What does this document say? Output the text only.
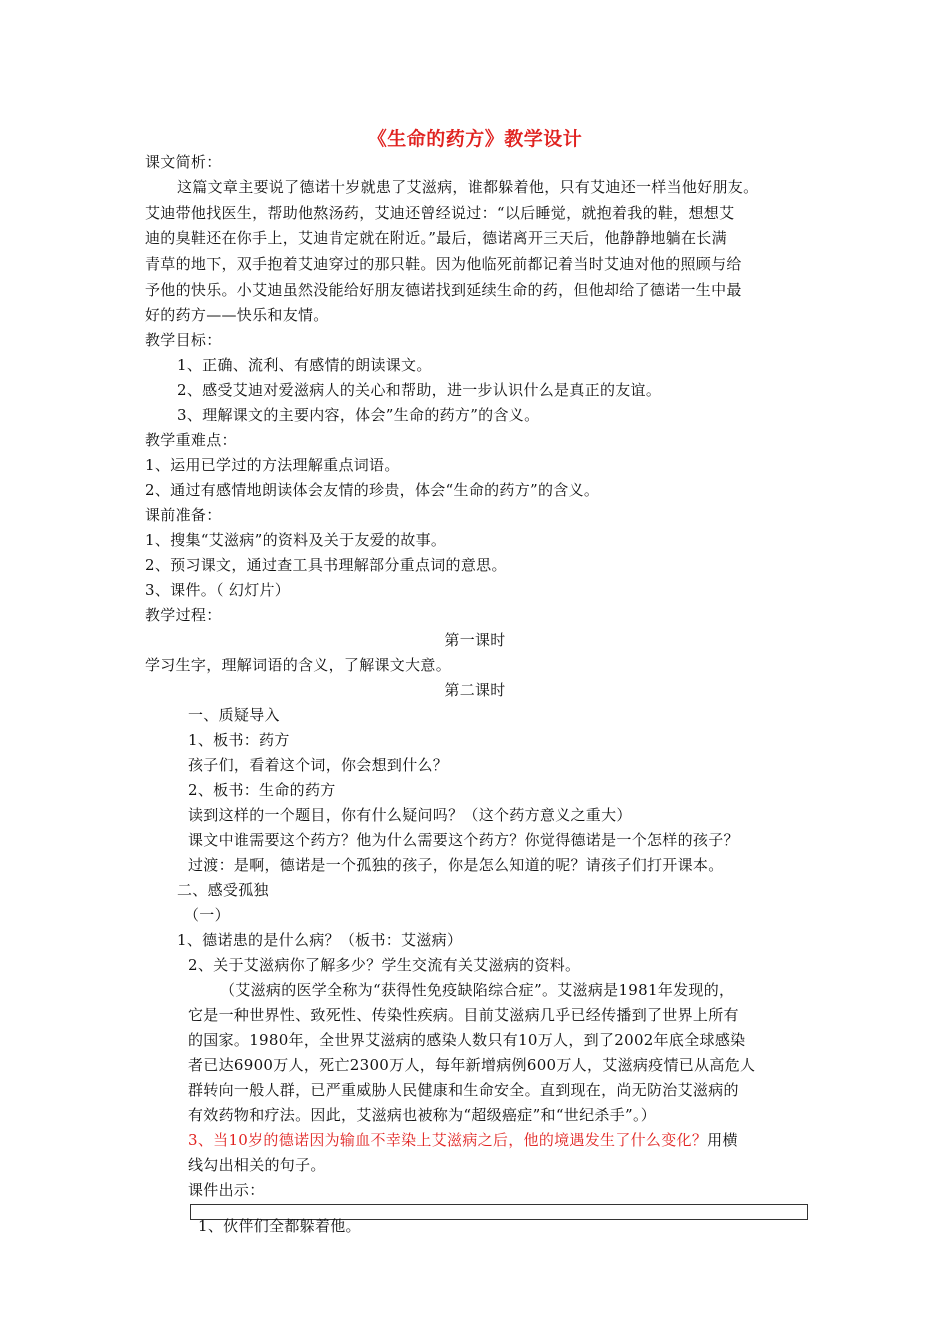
《生命的药方》教学设计
课文简析：
这篇文章主要说了德诺十岁就患了艾滋病，谁都躲着他，只有艾迪还一样当他好朋友。
艾迪带他找医生，帮助他熬汤药，艾迪还曾经说过：“以后睡觉，就抱着我的鞋，想想艾
迪的臭鞋还在你手上，艾迪肯定就在附近。”最后，德诺离开三天后，他静静地躺在长满
青草的地下，双手抱着艾迪穿过的那只鞋。因为他临死前都记着当时艾迪对他的照顾与给
予他的快乐。小艾迪虽然没能给好朋友德诺找到延续生命的药，但他却给了德诺一生中最
好的药方——快乐和友情。
教学目标：
1、正确、流利、有感情的朗读课文。
2、感受艾迪对爱滋病人的关心和帮助，进一步认识什么是真正的友谊。
3、理解课文的主要内容，体会”生命的药方”的含义。
教学重难点：
1、运用已学过的方法理解重点词语。
2、通过有感情地朗读体会友情的珍贵，体会“生命的药方”的含义。
课前准备：
1、搜集“艾滋病”的资料及关于友爱的故事。
2、预习课文，通过查工具书理解部分重点词的意思。
3、课件。（ 幻灯片）
教学过程：
第一课时
学习生字，理解词语的含义，了解课文大意。
第二课时
一、质疑导入
1、板书：药方
孩子们，看着这个词，你会想到什么？
2、板书：生命的药方
读到这样的一个题目，你有什么疑问吗？（这个药方意义之重大）
课文中谁需要这个药方？他为什么需要这个药方？你觉得德诺是一个怎样的孩子？
过渡：是啊，德诺是一个孤独的孩子，你是怎么知道的呢？请孩子们打开课本。
二、感受孤独
（一）
1、德诺患的是什么病？（板书：艾滋病）
2、关于艾滋病你了解多少？学生交流有关艾滋病的资料。
（艾滋病的医学全称为“获得性免疫缺陷综合症”。艾滋病是1981年发现的，
它是一种世界性、致死性、传染性疾病。目前艾滋病几乎已经传播到了世界上所有
的国家。1980年，全世界艾滋病的感染人数只有10万人，到了2002年底全球感染
者已达6900万人，死亡2300万人，每年新增病例600万人，艾滋病疫情已从高危人
群转向一般人群，已严重威胁人民健康和生命安全。直到现在，尚无防治艾滋病的
有效药物和疗法。因此，艾滋病也被称为“超级癌症”和“世纪杀手”。）
3、当10岁的德诺因为输血不幸染上艾滋病之后，他的境遇发生了什么变化？用横
线勾出相关的句子。
课件出示：
1、伙伴们全都躲着他。
